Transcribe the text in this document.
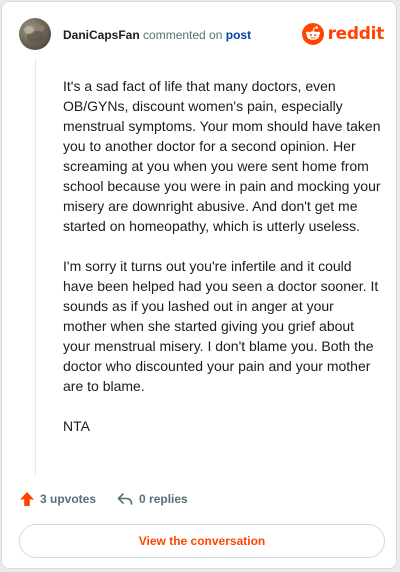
DaniCapsFan commented on post	reddit

It's a sad fact of life that many doctors, even OB/GYNs, discount women's pain, especially menstrual symptoms. Your mom should have taken you to another doctor for a second opinion. Her screaming at you when you were sent home from school because you were in pain and mocking your misery are downright abusive. And don't get me started on homeopathy, which is utterly useless.

I'm sorry it turns out you're infertile and it could have been helped had you seen a doctor sooner. It sounds as if you lashed out in anger at your mother when she started giving you grief about your menstrual misery. I don't blame you. Both the doctor who discounted your pain and your mother are to blame.

NTA

3 upvotes	0 replies
View the conversation
